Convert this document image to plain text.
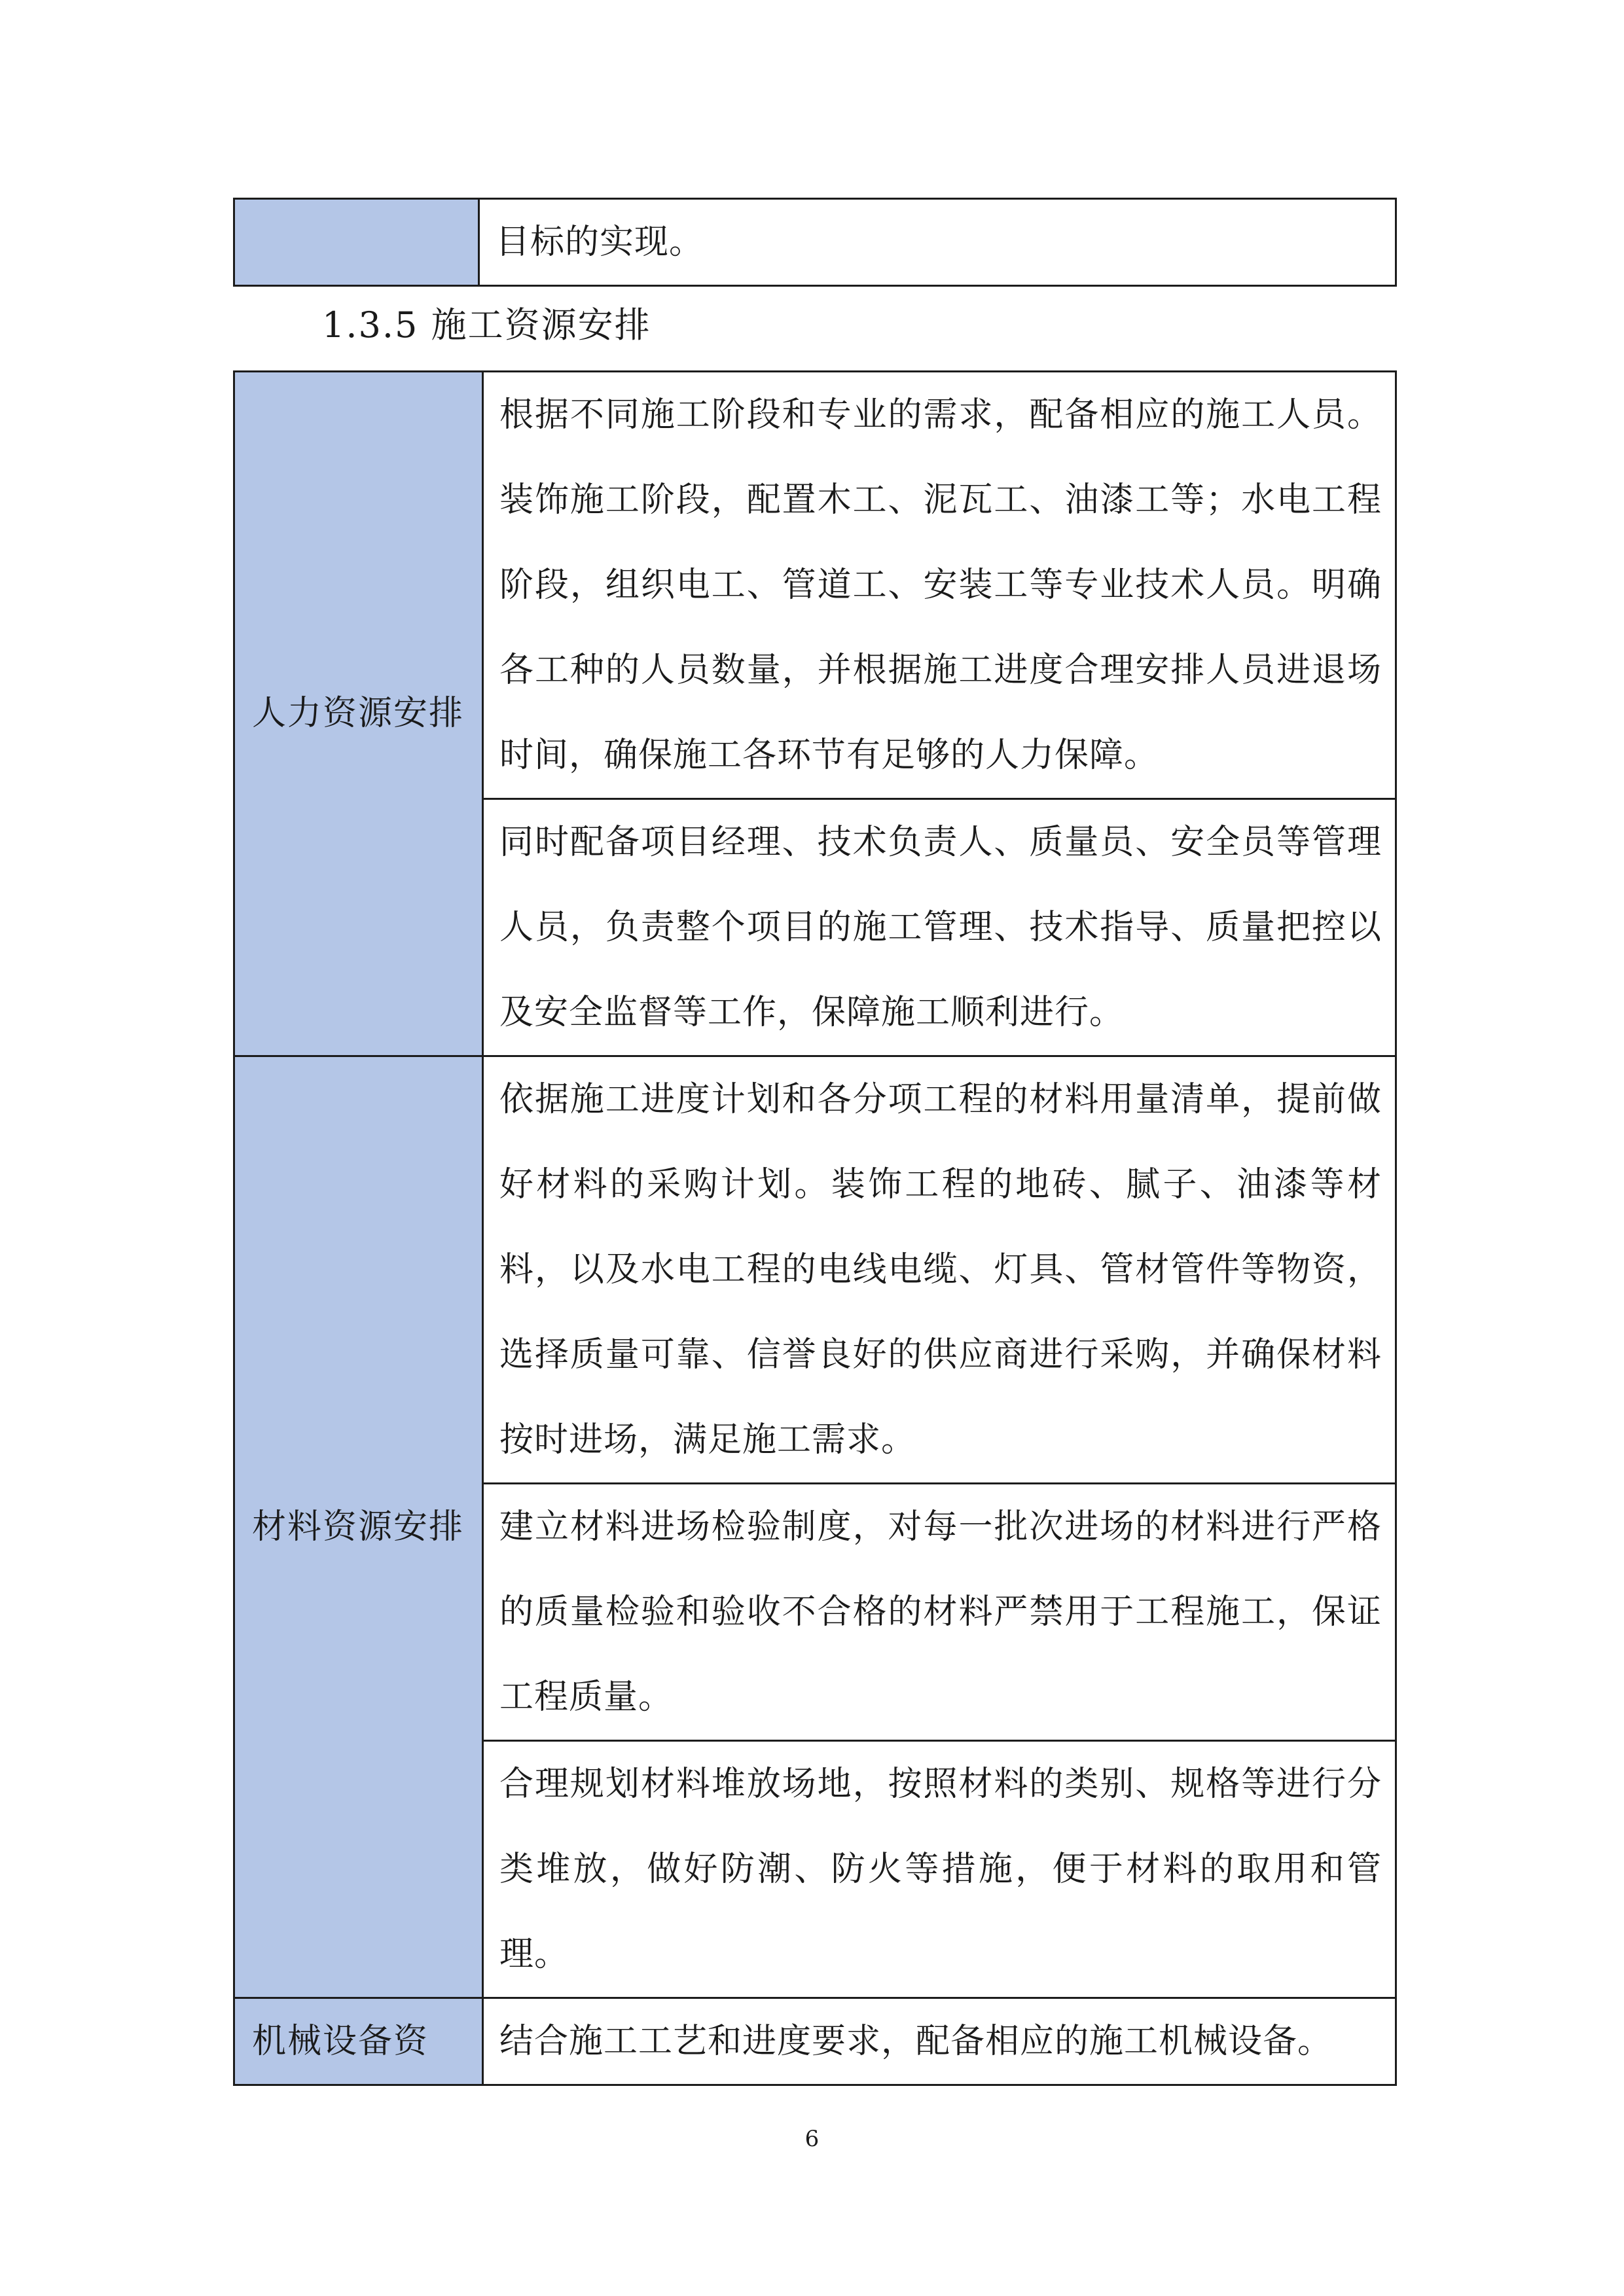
	目标的实现。
1.3.5 施工资源安排
人力资源安排	根据不同施工阶段和专业的需求，配备相应的施工人员。装饰施工阶段，配置木工、泥瓦工、油漆工等；水电工程阶段，组织电工、管道工、安装工等专业技术人员。明确各工种的人员数量，并根据施工进度合理安排人员进退场时间，确保施工各环节有足够的人力保障。
	同时配备项目经理、技术负责人、质量员、安全员等管理人员，负责整个项目的施工管理、技术指导、质量把控以及安全监督等工作，保障施工顺利进行。
材料资源安排	依据施工进度计划和各分项工程的材料用量清单，提前做好材料的采购计划。装饰工程的地砖、腻子、油漆等材料，以及水电工程的电线电缆、灯具、管材管件等物资，选择质量可靠、信誉良好的供应商进行采购，并确保材料按时进场，满足施工需求。
	建立材料进场检验制度，对每一批次进场的材料进行严格的质量检验和验收不合格的材料严禁用于工程施工，保证工程质量。
	合理规划材料堆放场地，按照材料的类别、规格等进行分类堆放，做好防潮、防火等措施，便于材料的取用和管理。
机械设备资	结合施工工艺和进度要求，配备相应的施工机械设备。
6
